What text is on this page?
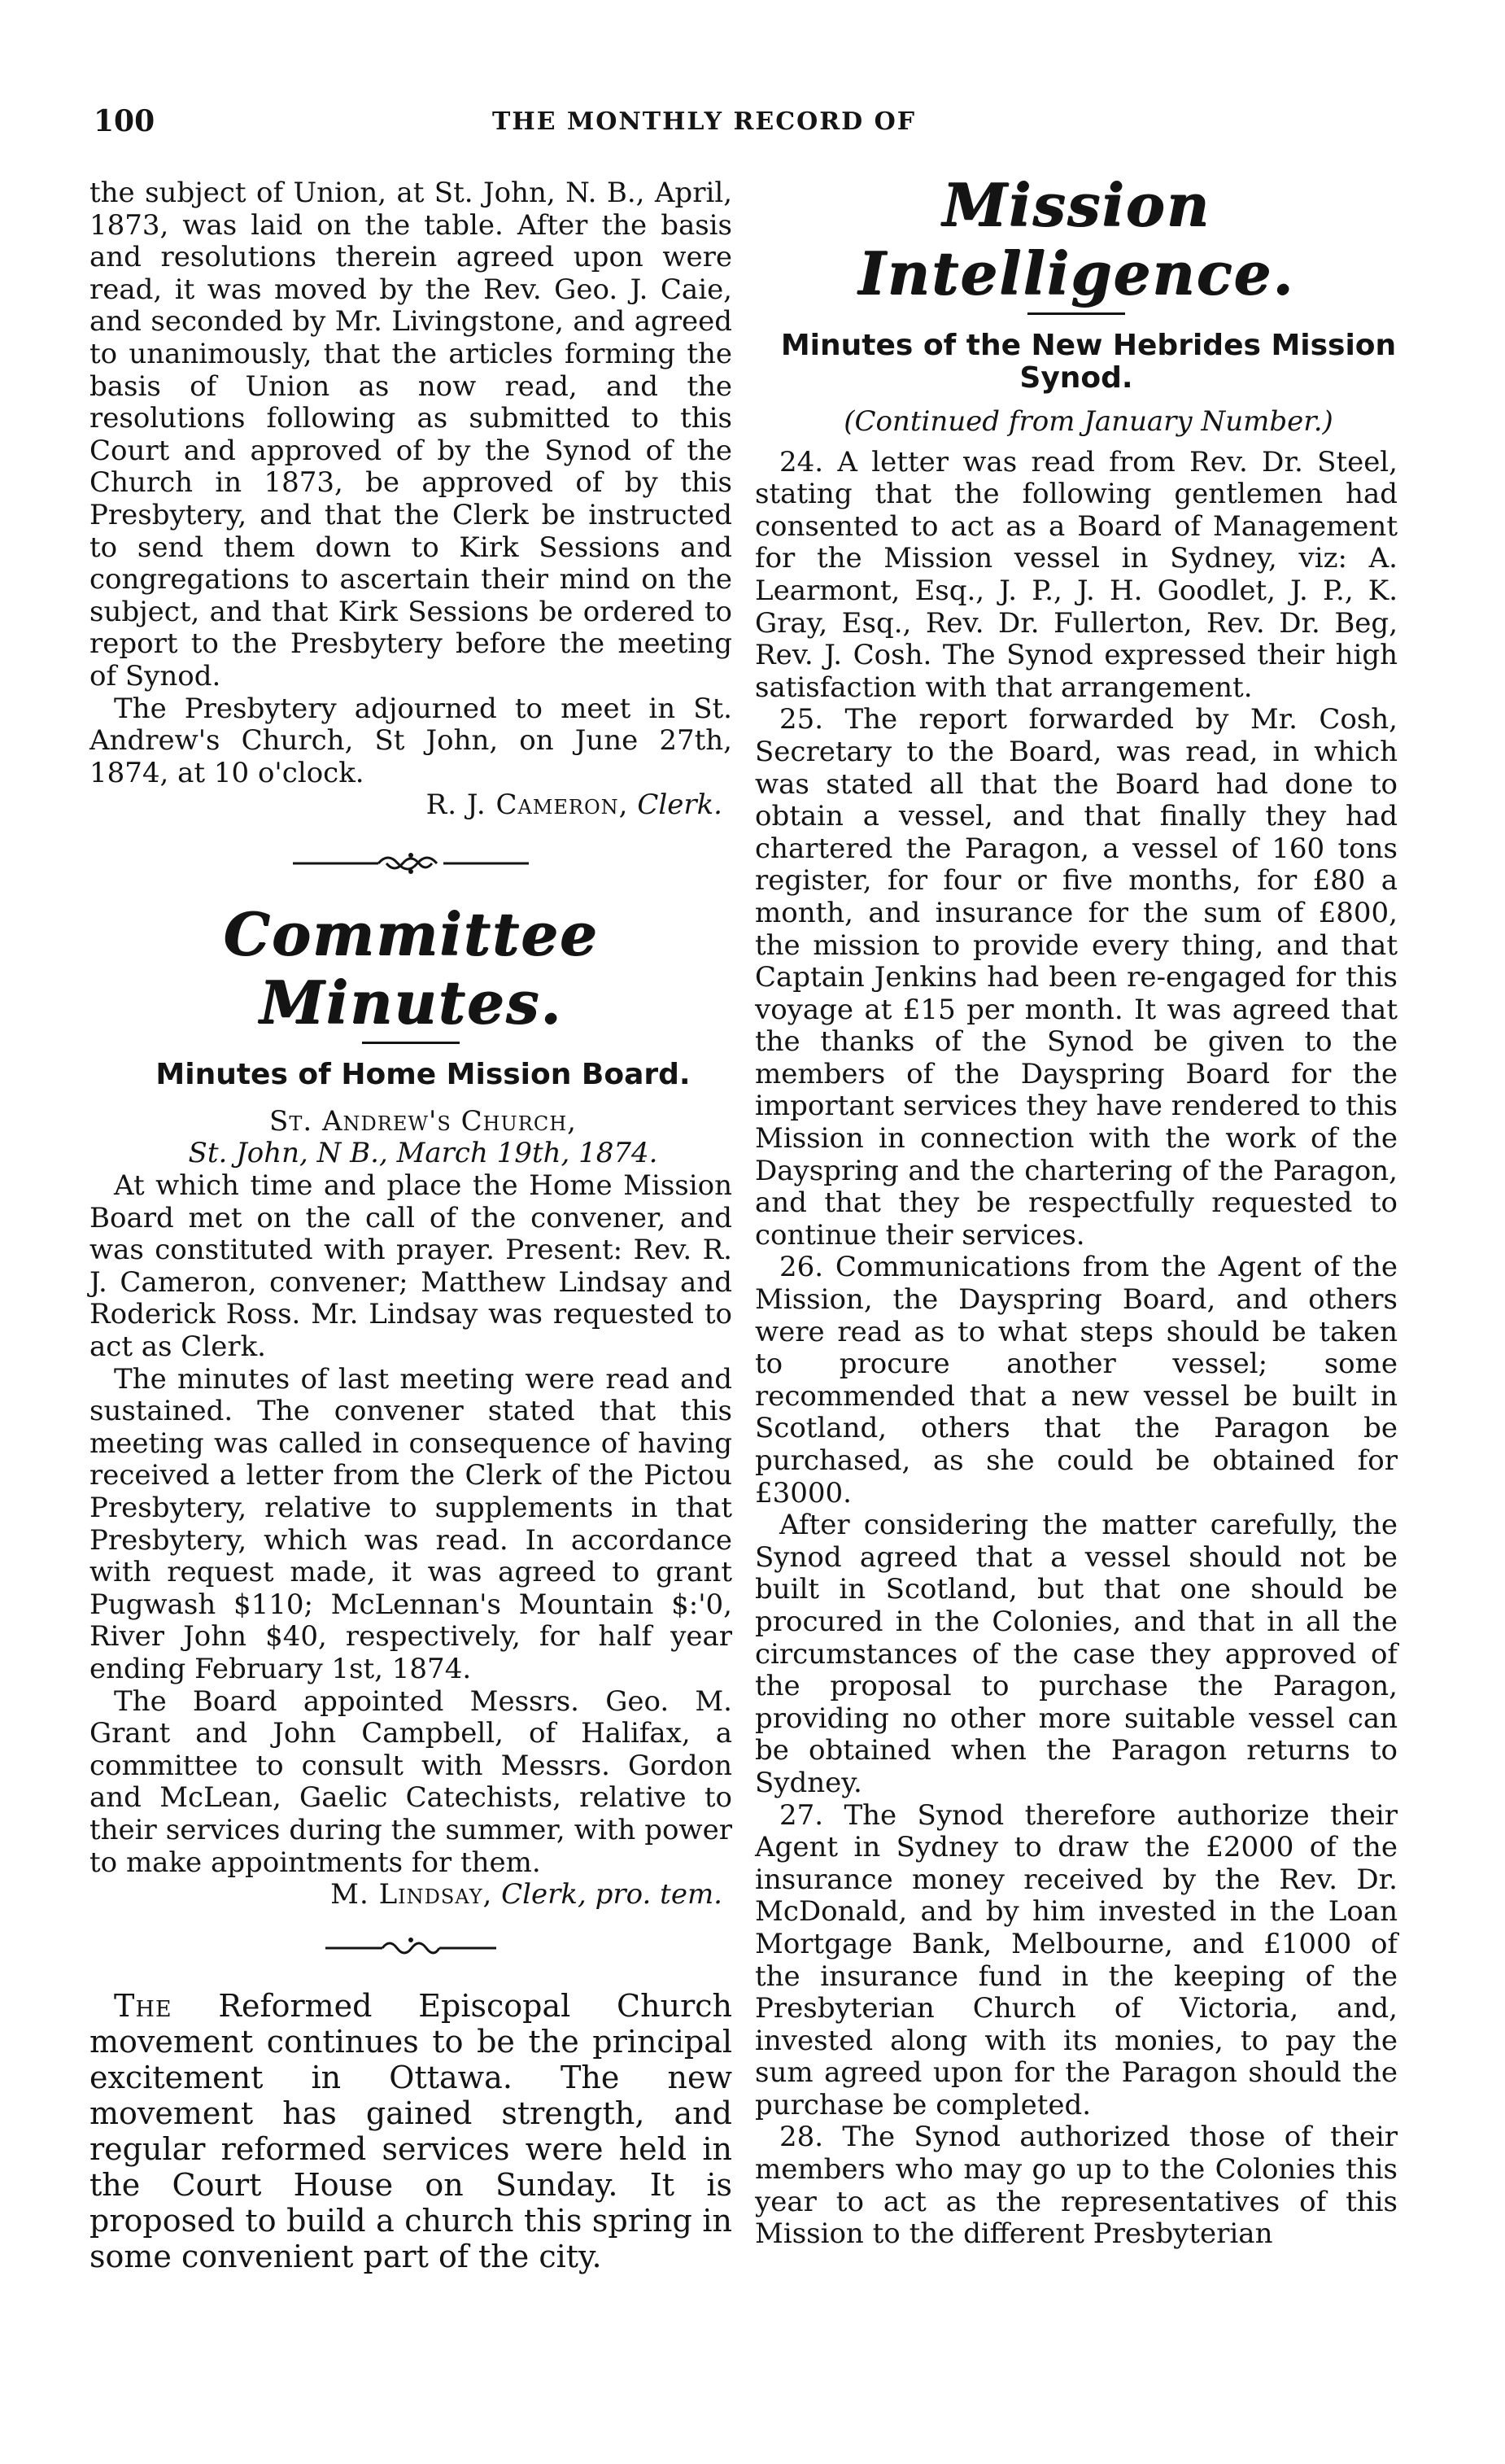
100	THE MONTHLY RECORD OF

the subject of Union, at St. John, N. B., April, 1873, was laid on the table. After the basis and resolutions therein agreed upon were read, it was moved by the Rev. Geo. J. Caie, and seconded by Mr. Livingstone, and agreed to unanimously, that the articles forming the basis of Union as now read, and the resolutions following as submitted to this Court and approved of by the Synod of the Church in 1873, be approved of by this Presbytery, and that the Clerk be instructed to send them down to Kirk Sessions and congregations to ascertain their mind on the subject, and that Kirk Sessions be ordered to report to the Presbytery before the meeting of Synod.

The Presbytery adjourned to meet in St. Andrew's Church, St John, on June 27th, 1874, at 10 o'clock.

R. J. Cameron, Clerk.

Committee Minutes.

Minutes of Home Mission Board.

St. Andrew's Church,

St. John, N B., March 19th, 1874.

At which time and place the Home Mission Board met on the call of the convener, and was constituted with prayer. Present: Rev. R. J. Cameron, convener; Matthew Lindsay and Roderick Ross. Mr. Lindsay was requested to act as Clerk.

The minutes of last meeting were read and sustained. The convener stated that this meeting was called in consequence of having received a letter from the Clerk of the Pictou Presbytery, relative to supplements in that Presbytery, which was read. In accordance with request made, it was agreed to grant Pugwash $110; McLennan's Mountain $:'0, River John $40, respectively, for half year ending February 1st, 1874.

The Board appointed Messrs. Geo. M. Grant and John Campbell, of Halifax, a committee to consult with Messrs. Gordon and McLean, Gaelic Catechists, relative to their services during the summer, with power to make appointments for them.

M. Lindsay, Clerk, pro. tem.

The Reformed Episcopal Church movement continues to be the principal excitement in Ottawa. The new movement has gained strength, and regular reformed services were held in the Court House on Sunday. It is proposed to build a church this spring in some convenient part of the city.

Mission Intelligence.

Minutes of the New Hebrides Mission Synod.

(Continued from January Number.)

24. A letter was read from Rev. Dr. Steel, stating that the following gentlemen had consented to act as a Board of Management for the Mission vessel in Sydney, viz: A. Learmont, Esq., J. P., J. H. Goodlet, J. P., K. Gray, Esq., Rev. Dr. Fullerton, Rev. Dr. Beg, Rev. J. Cosh. The Synod expressed their high satisfaction with that arrangement.

25. The report forwarded by Mr. Cosh, Secretary to the Board, was read, in which was stated all that the Board had done to obtain a vessel, and that finally they had chartered the Paragon, a vessel of 160 tons register, for four or five months, for £80 a month, and insurance for the sum of £800, the mission to provide every thing, and that Captain Jenkins had been re-engaged for this voyage at £15 per month. It was agreed that the thanks of the Synod be given to the members of the Dayspring Board for the important services they have rendered to this Mission in connection with the work of the Dayspring and the chartering of the Paragon, and that they be respectfully requested to continue their services.

26. Communications from the Agent of the Mission, the Dayspring Board, and others were read as to what steps should be taken to procure another vessel; some recommended that a new vessel be built in Scotland, others that the Paragon be purchased, as she could be obtained for £3000.

After considering the matter carefully, the Synod agreed that a vessel should not be built in Scotland, but that one should be procured in the Colonies, and that in all the circumstances of the case they approved of the proposal to purchase the Paragon, providing no other more suitable vessel can be obtained when the Paragon returns to Sydney.

27. The Synod therefore authorize their Agent in Sydney to draw the £2000 of the insurance money received by the Rev. Dr. McDonald, and by him invested in the Loan Mortgage Bank, Melbourne, and £1000 of the insurance fund in the keeping of the Presbyterian Church of Victoria, and, invested along with its monies, to pay the sum agreed upon for the Paragon should the purchase be completed.

28. The Synod authorized those of their members who may go up to the Colonies this year to act as the representatives of this Mission to the different Presbyterian
